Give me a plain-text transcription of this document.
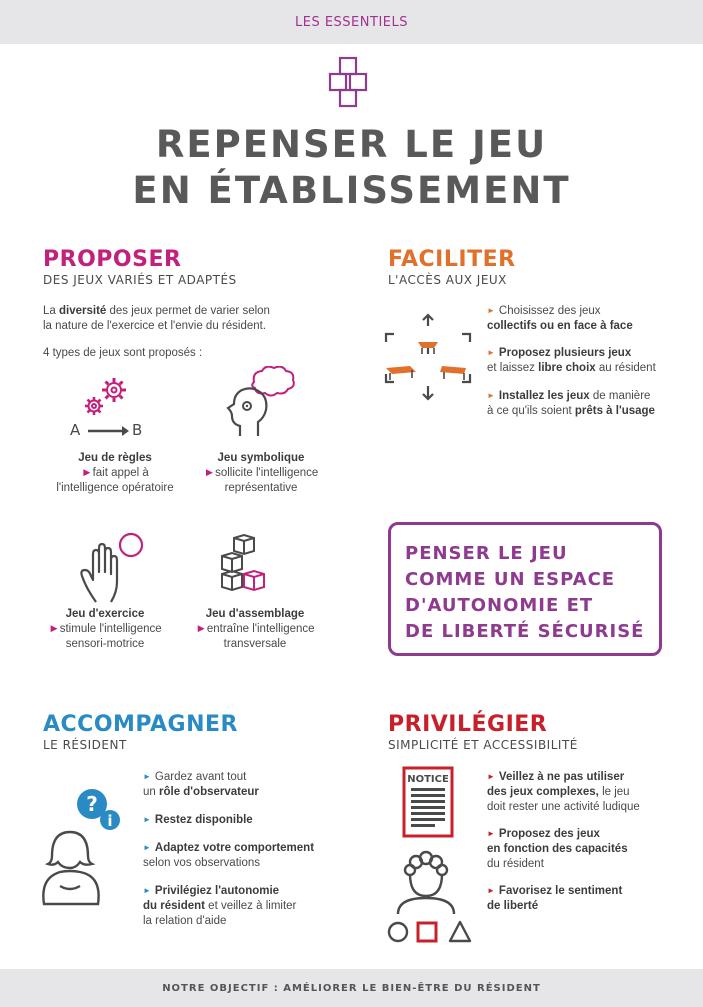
LES ESSENTIELS
REPENSER LE JEU
EN ÉTABLISSEMENT
PROPOSER
DES JEUX VARIÉS ET ADAPTÉS
La diversité des jeux permet de varier selon
la nature de l'exercice et l'envie du résident.
4 types de jeux sont proposés :
A	B
Jeu de règles
►fait appel à
l'intelligence opératoire
Jeu symbolique
►sollicite l'intelligence
représentative
Jeu d'exercice
►stimule l'intelligence
sensori-motrice
Jeu d'assemblage
►entraîne l'intelligence
transversale
FACILITER
L'ACCÈS AUX JEUX
► Choisissez des jeux
collectifs ou en face à face
► Proposez plusieurs jeux
et laissez libre choix au résident
► Installez les jeux de manière
à ce qu'ils soient prêts à l'usage
PENSER LE JEU
COMME UN ESPACE
D'AUTONOMIE ET
DE LIBERTÉ SÉCURISÉ
ACCOMPAGNER
LE RÉSIDENT
?
i
► Gardez avant tout
un rôle d'observateur
► Restez disponible
► Adaptez votre comportement
selon vos observations
► Privilégiez l'autonomie
du résident et veillez à limiter
la relation d'aide
PRIVILÉGIER
SIMPLICITÉ ET ACCESSIBILITÉ
NOTICE	► Veillez à ne pas utiliser
des jeux complexes, le jeu
doit rester une activité ludique
► Proposez des jeux
en fonction des capacités
du résident
► Favorisez le sentiment
de liberté
NOTRE OBJECTIF : AMÉLIORER LE BIEN-ÊTRE DU RÉSIDENT
